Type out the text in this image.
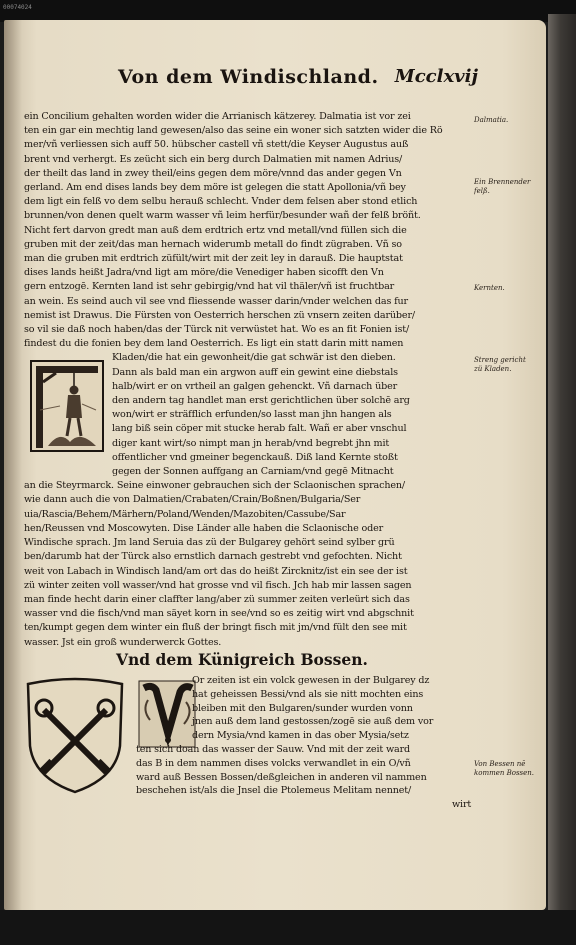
00074024
Von dem Windischland. Mcclxvij
ein Concilium gehalten worden wider die Arrianisch kätzerey. Dalmatia ist vor zei
ten ein gar ein mechtig land gewesen/also das seine ein woner sich satzten wider die Rö
mer/vñ verliessen sich auff 50. hübscher castell vñ stett/die Keyser Augustus auß
brent vnd verhergt. Es zeücht sich ein berg durch Dalmatien mit namen Adrius/
der theilt das land in zwey theil/eins gegen dem möre/vnnd das ander gegen Vn
gerland. Am end dises lands bey dem möre ist gelegen die statt Apollonia/vñ bey
dem ligt ein felß vo dem selbu herauß schlecht. Vnder dem felsen aber stond etlich
brunnen/von denen quelt warm wasser vñ leim herfür/besunder wañ der felß bröñt.
Nicht fert darvon gredt man auß dem erdtrich ertz vnd metall/vnd füllen sich die
gruben mit der zeit/das man hernach widerumb metall do findt zügraben. Vñ so
man die gruben mit erdtrich züfült/wirt mit der zeit ley in darauß. Die hauptstat
dises lands heißt Jadra/vnd ligt am möre/die Venediger haben sicofft den Vn
gern entzogē. Kernten land ist sehr gebirgig/vnd hat vil thäler/vñ ist fruchtbar
an wein. Es seind auch vil see vnd fliessende wasser darin/vnder welchen das fur
nemist ist Drawus. Die Fürsten von Oesterrich herschen zü vnsern zeiten darüber/
so vil sie daß noch haben/das der Türck nit verwüstet hat. Wo es an fit Fonien ist/
findest du die fonien bey dem land Oesterrich. Es ligt ein statt darin mitt namen
Kladen/die hat ein gewonheit/die gat schwär ist den dieben.
Dann als bald man ein argwon auff ein gewint eine diebstals
halb/wirt er on vrtheil an galgen gehenckt. Vñ darnach über
den andern tag handlet man erst gerichtlichen über solchē arg
won/wirt er sträfflich erfunden/so lasst man jhn hangen als
lang biß sein cöper mit stucke herab falt. Wañ er aber vnschul
diger kant wirt/so nimpt man jn herab/vnd begrebt jhn mit
offentlicher vnd gmeiner begenckauß. Diß land Kernte stoßt
gegen der Sonnen auffgang an Carniam/vnd gegē Mitnacht
an die Steyrmarck. Seine einwoner gebrauchen sich der Sclaonischen sprachen/
wie dann auch die von Dalmatien/Crabaten/Crain/Boßnen/Bulgaria/Ser
uia/Rascia/Behem/Märhern/Poland/Wenden/Mazobiten/Cassube/Sar
hen/Reussen vnd Moscowyten. Dise Länder alle haben die Sclaonische oder
Windische sprach. Jm land Seruia das zü der Bulgarey gehört seind sylber grü
ben/darumb hat der Türck also ernstlich darnach gestrebt vnd gefochten. Nicht
weit von Labach in Windisch land/am ort das do heißt Zircknitz/ist ein see der ist
zü winter zeiten voll wasser/vnd hat grosse vnd vil fisch. Jch hab mir lassen sagen
man finde hecht darin einer claffter lang/aber zü summer zeiten verleürt sich das
wasser vnd die fisch/vnd man säyet korn in see/vnd so es zeitig wirt vnd abgschnit
ten/kumpt gegen dem winter ein fluß der bringt fisch mit jm/vnd fült den see mit
wasser. Jst ein groß wunderwerck Gottes.
Vnd dem Künigreich Bossen.
Or zeiten ist ein volck gewesen in der Bulgarey dz
hat geheissen Bessi/vnd als sie nitt mochten eins
bleiben mit den Bulgaren/sunder wurden vonn
jnen auß dem land gestossen/zogē sie auß dem vor
dern Mysia/vnd kamen in das ober Mysia/setz
ten sich doan das wasser der Sauw. Vnd mit der zeit ward
das B in dem nammen dises volcks verwandlet in ein O/vñ
ward auß Bessen Bossen/deßgleichen in anderen vil nammen
beschehen ist/als die Jnsel die Ptolemeus Melitam nennet/
wirt
Dalmatia.
Ein Brennender
felß.
Kernten.
Streng gericht
zü Kladen.
Von Bessen nē
kommen Bossen.
